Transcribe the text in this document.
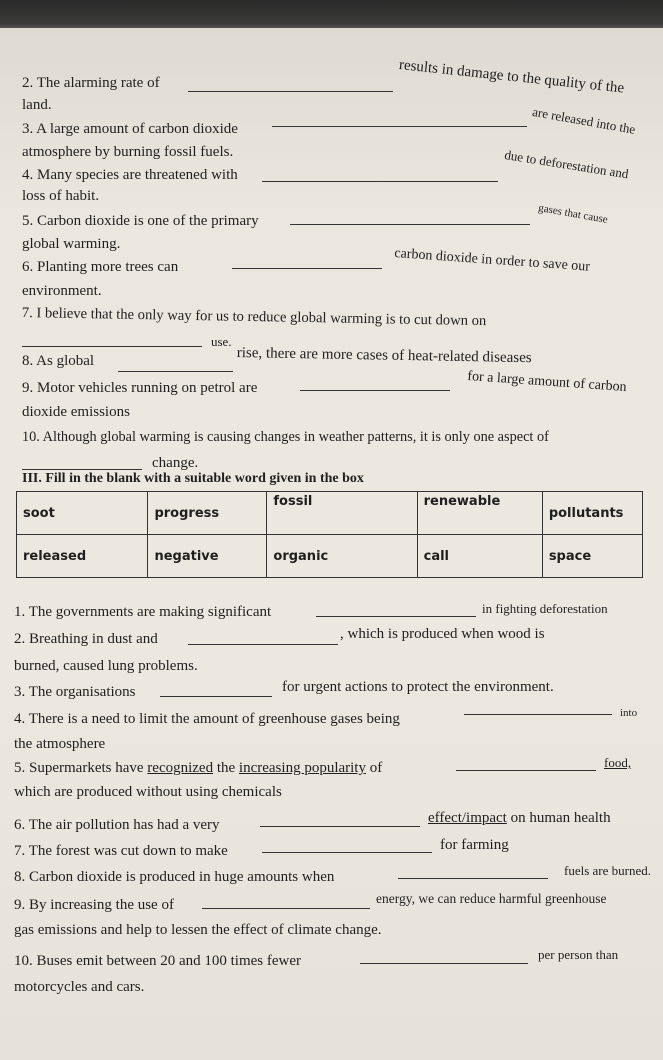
2. The alarming rate of	results in damage to the quality of the
land.
3. A large amount of carbon dioxide	are released into the
atmosphere by burning fossil fuels.
4. Many species are threatened with	due to deforestation and
loss of habit.
5. Carbon dioxide is one of the primary	gases that cause
global warming.
6. Planting more trees can	carbon dioxide in order to save our
environment.
7. I believe that the only way for us to reduce global warming is to cut down on
use.
8. As global	rise, there are more cases of heat-related diseases
9. Motor vehicles running on petrol are	for a large amount of carbon
dioxide emissions
10. Although global warming is causing changes in weather patterns, it is only one aspect of
change.
III. Fill in the blank with a suitable word given in the box
soot	progress	fossil	renewable	pollutants
released	negative	organic	call	space
1. The governments are making significant	in fighting deforestation
2. Breathing in dust and	, which is produced when wood is
burned, caused lung problems.
3. The organisations	for urgent actions to protect the environment.
4. There is a need to limit the amount of greenhouse gases being	into
the atmosphere
5. Supermarkets have recognized the increasing popularity of	food,
which are produced without using chemicals
6. The air pollution has had a very	effect/impact on human health
7. The forest was cut down to make	for farming
8. Carbon dioxide is produced in huge amounts when	fuels are burned.
9. By increasing the use of	energy, we can reduce harmful greenhouse
gas emissions and help to lessen the effect of climate change.
10. Buses emit between 20 and 100 times fewer	per person than
motorcycles and cars.
